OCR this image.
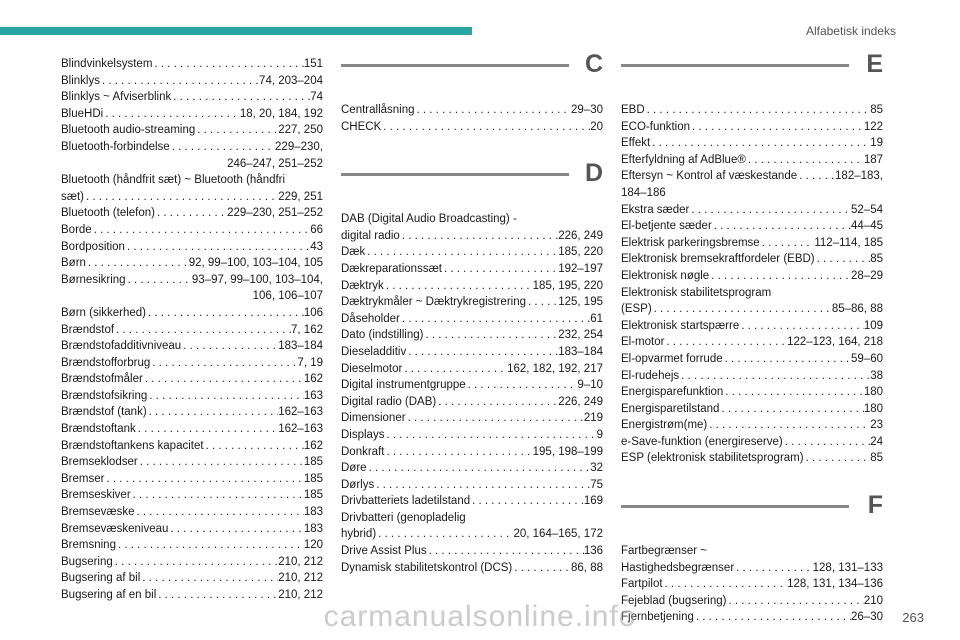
Alfabetisk indeks
Blindvinkelsystem . . .	151
Blinklys . . .	74, 203–204
Blinklys ~ Afviserblink . . .	74
BlueHDi . . .	18, 20, 184, 192
Bluetooth audio-streaming . . .	227, 250
Bluetooth-forbindelse . . .	229–230,
246–247, 251–252
Bluetooth (håndfrit sæt) ~ Bluetooth (håndfri
sæt) . . .	229, 251
Bluetooth (telefon) . . .	229–230, 251–252
Borde . . .	66
Bordposition . . .	43
Børn . . .	92, 99–100, 103–104, 105
Børnesikring . . .	93–97, 99–100, 103–104,
106, 106–107
Børn (sikkerhed) . . .	106
Brændstof . . .	7, 162
Brændstofadditivniveau . . .	183–184
Brændstofforbrug . . .	7, 19
Brændstofmåler . . .	162
Brændstofsikring . . .	163
Brændstof (tank) . . .	162–163
Brændstoftank . . .	162–163
Brændstoftankens kapacitet . . .	162
Bremseklodser . . .	185
Bremser . . .	185
Bremseskiver . . .	185
Bremsevæske . . .	183
Bremsevæskeniveau . . .	183
Bremsning . . .	120
Bugsering . . .	210, 212
Bugsering af bil . . .	210, 212
Bugsering af en bil . . .	210, 212
C
Centrallåsning . . .	29–30
CHECK . . .	20
D
DAB (Digital Audio Broadcasting) -
digital radio . . .	226, 249
Dæk . . .	185, 220
Dækreparationssæt . . .	192–197
Dæktryk . . .	185, 195, 220
Dæktrykmåler ~ Dæktrykregistrering . . .	125, 195
Dåseholder . . .	61
Dato (indstilling) . . .	232, 254
Dieseladditiv . . .	183–184
Dieselmotor . . .	162, 182, 192, 217
Digital instrumentgruppe . . .	9–10
Digital radio (DAB) . . .	226, 249
Dimensioner . . .	219
Displays . . .	9
Donkraft . . .	195, 198–199
Døre . . .	32
Dørlys . . .	75
Drivbatteriets ladetilstand . . .	169
Drivbatteri (genopladelig
hybrid) . . .	20, 164–165, 172
Drive Assist Plus . . .	136
Dynamisk stabilitetskontrol (DCS) . . .	86, 88
E
EBD . . .	85
ECO-funktion . . .	122
Effekt . . .	19
Efterfyldning af AdBlue® . . .	187
Eftersyn ~ Kontrol af væskestande . . .	182–183,
184–186
Ekstra sæder . . .	52–54
El-betjente sæder . . .	44–45
Elektrisk parkeringsbremse . . .	112–114, 185
Elektronisk bremsekraftfordeler (EBD) . . .	85
Elektronisk nøgle . . .	28–29
Elektronisk stabilitetsprogram
(ESP) . . .	85–86, 88
Elektronisk startspærre . . .	109
El-motor . . .	122–123, 164, 218
El-opvarmet forrude . . .	59–60
El-rudehejs . . .	38
Energisparefunktion . . .	180
Energisparetilstand . . .	180
Energistrøm(me) . . .	23
e-Save-funktion (energireserve) . . .	24
ESP (elektronisk stabilitetsprogram) . . .	85
F
Fartbegrænser ~
Hastighedsbegrænser . . .	128, 131–133
Fartpilot . . .	128, 131, 134–136
Fejeblad (bugsering) . . .	210
Fjernbetjening . . .	26–30 263
carmanualsonline.info
